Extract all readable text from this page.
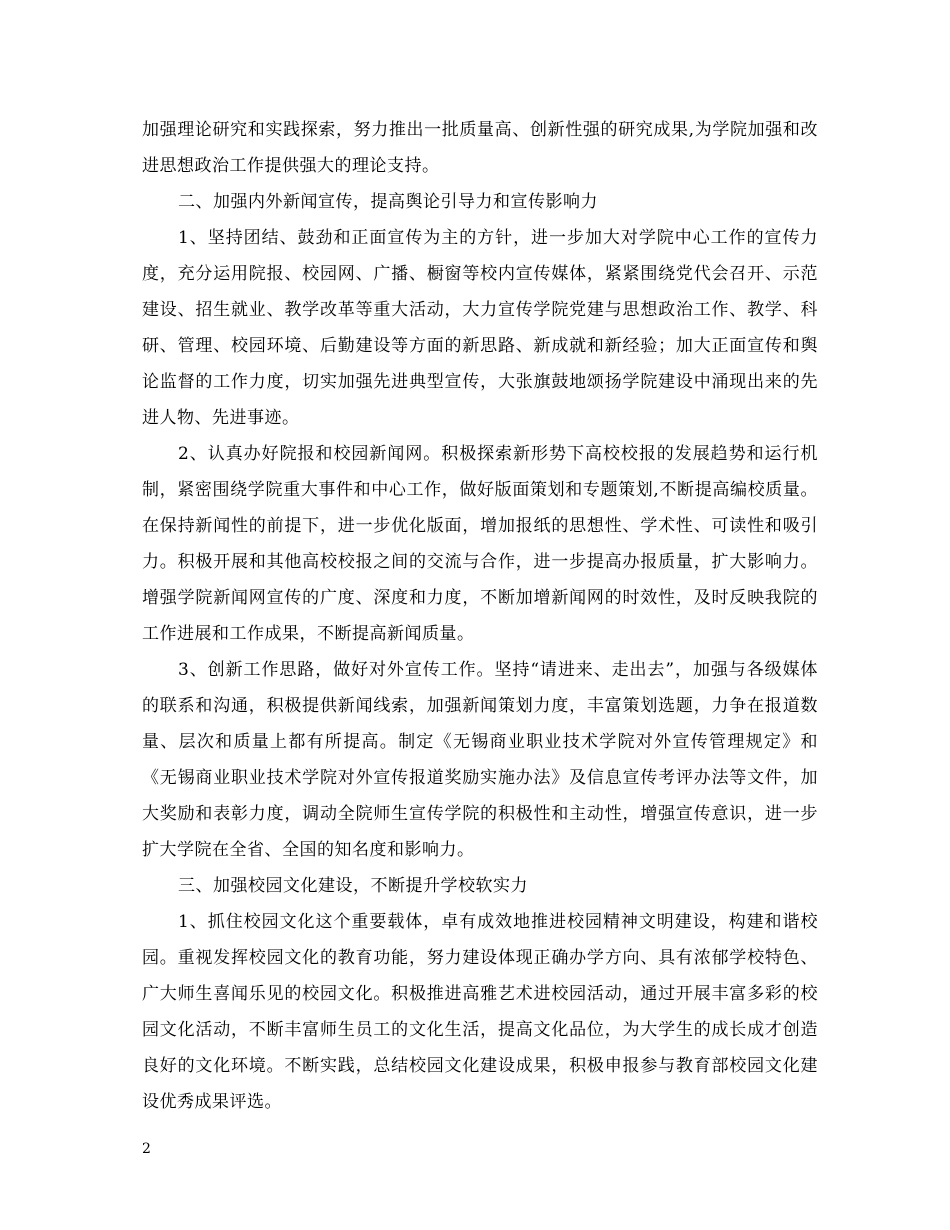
加强理论研究和实践探索，努力推出一批质量高、创新性强的研究成果,为学院加强和改进思想政治工作提供强大的理论支持。

二、加强内外新闻宣传，提高舆论引导力和宣传影响力

1、坚持团结、鼓劲和正面宣传为主的方针，进一步加大对学院中心工作的宣传力度，充分运用院报、校园网、广播、橱窗等校内宣传媒体，紧紧围绕党代会召开、示范建设、招生就业、教学改革等重大活动，大力宣传学院党建与思想政治工作、教学、科研、管理、校园环境、后勤建设等方面的新思路、新成就和新经验；加大正面宣传和舆论监督的工作力度，切实加强先进典型宣传，大张旗鼓地颂扬学院建设中涌现出来的先进人物、先进事迹。

2、认真办好院报和校园新闻网。积极探索新形势下高校校报的发展趋势和运行机制，紧密围绕学院重大事件和中心工作，做好版面策划和专题策划,不断提高编校质量。在保持新闻性的前提下，进一步优化版面，增加报纸的思想性、学术性、可读性和吸引力。积极开展和其他高校校报之间的交流与合作，进一步提高办报质量，扩大影响力。增强学院新闻网宣传的广度、深度和力度，不断加增新闻网的时效性，及时反映我院的工作进展和工作成果，不断提高新闻质量。

3、创新工作思路，做好对外宣传工作。坚持“请进来、走出去”，加强与各级媒体的联系和沟通，积极提供新闻线索，加强新闻策划力度，丰富策划选题，力争在报道数量、层次和质量上都有所提高。制定《无锡商业职业技术学院对外宣传管理规定》和《无锡商业职业技术学院对外宣传报道奖励实施办法》及信息宣传考评办法等文件，加大奖励和表彰力度，调动全院师生宣传学院的积极性和主动性，增强宣传意识，进一步扩大学院在全省、全国的知名度和影响力。

三、加强校园文化建设，不断提升学校软实力

1、抓住校园文化这个重要载体，卓有成效地推进校园精神文明建设，构建和谐校园。重视发挥校园文化的教育功能，努力建设体现正确办学方向、具有浓郁学校特色、广大师生喜闻乐见的校园文化。积极推进高雅艺术进校园活动，通过开展丰富多彩的校园文化活动，不断丰富师生员工的文化生活，提高文化品位，为大学生的成长成才创造良好的文化环境。不断实践，总结校园文化建设成果，积极申报参与教育部校园文化建设优秀成果评选。

2
